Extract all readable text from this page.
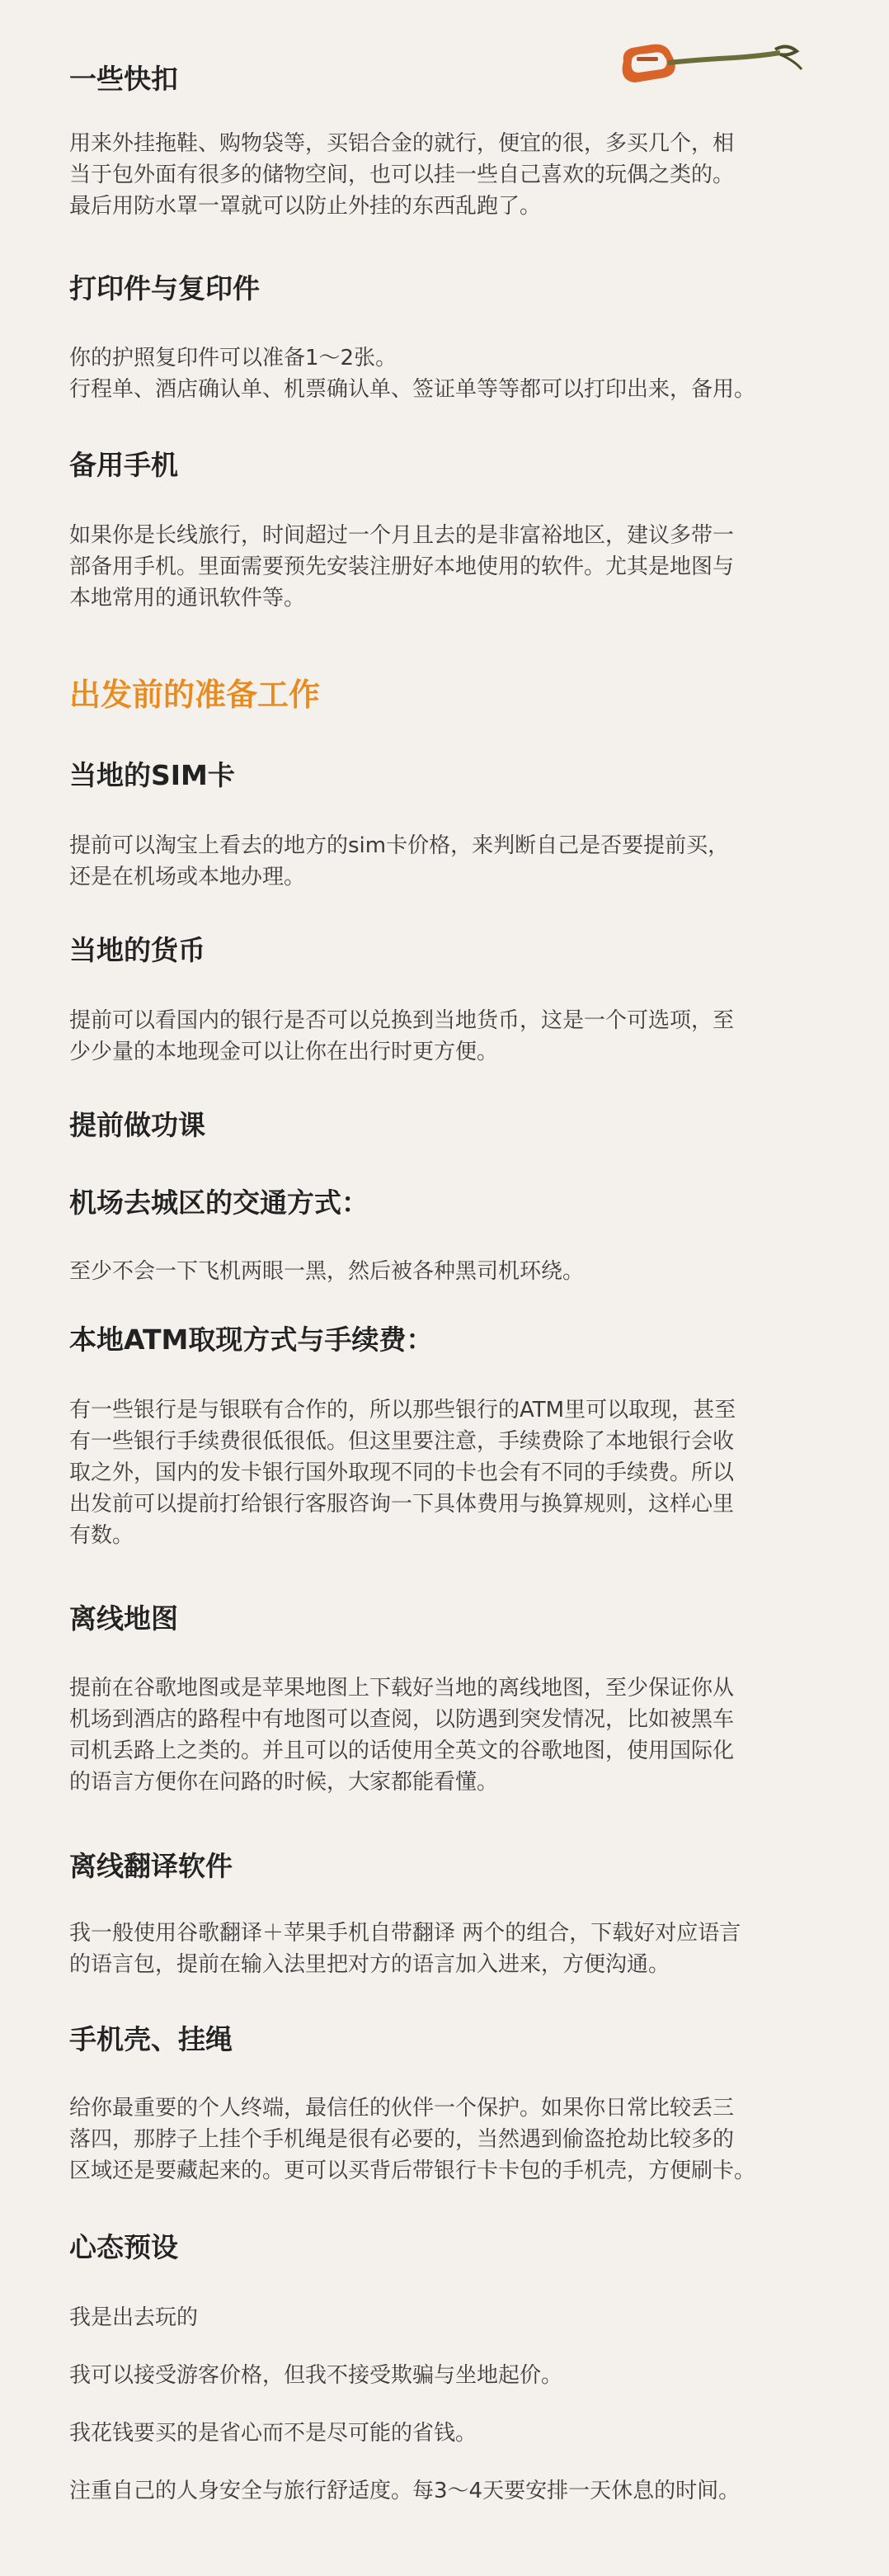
一些快扣
用来外挂拖鞋、购物袋等，买铝合金的就行，便宜的很，多买几个，相
当于包外面有很多的储物空间，也可以挂一些自己喜欢的玩偶之类的。
最后用防水罩一罩就可以防止外挂的东西乱跑了。
打印件与复印件
你的护照复印件可以准备1～2张。
行程单、酒店确认单、机票确认单、签证单等等都可以打印出来，备用。
备用手机
如果你是长线旅行，时间超过一个月且去的是非富裕地区，建议多带一
部备用手机。里面需要预先安装注册好本地使用的软件。尤其是地图与
本地常用的通讯软件等。
出发前的准备工作
当地的SIM卡
提前可以淘宝上看去的地方的sim卡价格，来判断自己是否要提前买，
还是在机场或本地办理。
当地的货币
提前可以看国内的银行是否可以兑换到当地货币，这是一个可选项，至
少少量的本地现金可以让你在出行时更方便。
提前做功课
机场去城区的交通方式：
至少不会一下飞机两眼一黑，然后被各种黑司机环绕。
本地ATM取现方式与手续费：
有一些银行是与银联有合作的，所以那些银行的ATM里可以取现，甚至
有一些银行手续费很低很低。但这里要注意，手续费除了本地银行会收
取之外，国内的发卡银行国外取现不同的卡也会有不同的手续费。所以
出发前可以提前打给银行客服咨询一下具体费用与换算规则，这样心里
有数。
离线地图
提前在谷歌地图或是苹果地图上下载好当地的离线地图，至少保证你从
机场到酒店的路程中有地图可以查阅，以防遇到突发情况，比如被黑车
司机丢路上之类的。并且可以的话使用全英文的谷歌地图，使用国际化
的语言方便你在问路的时候，大家都能看懂。
离线翻译软件
我一般使用谷歌翻译＋苹果手机自带翻译 两个的组合，下载好对应语言
的语言包，提前在输入法里把对方的语言加入进来，方便沟通。
手机壳、挂绳
给你最重要的个人终端，最信任的伙伴一个保护。如果你日常比较丢三
落四，那脖子上挂个手机绳是很有必要的，当然遇到偷盗抢劫比较多的
区域还是要藏起来的。更可以买背后带银行卡卡包的手机壳，方便刷卡。
心态预设
我是出去玩的
我可以接受游客价格，但我不接受欺骗与坐地起价。
我花钱要买的是省心而不是尽可能的省钱。
注重自己的人身安全与旅行舒适度。每3～4天要安排一天休息的时间。
